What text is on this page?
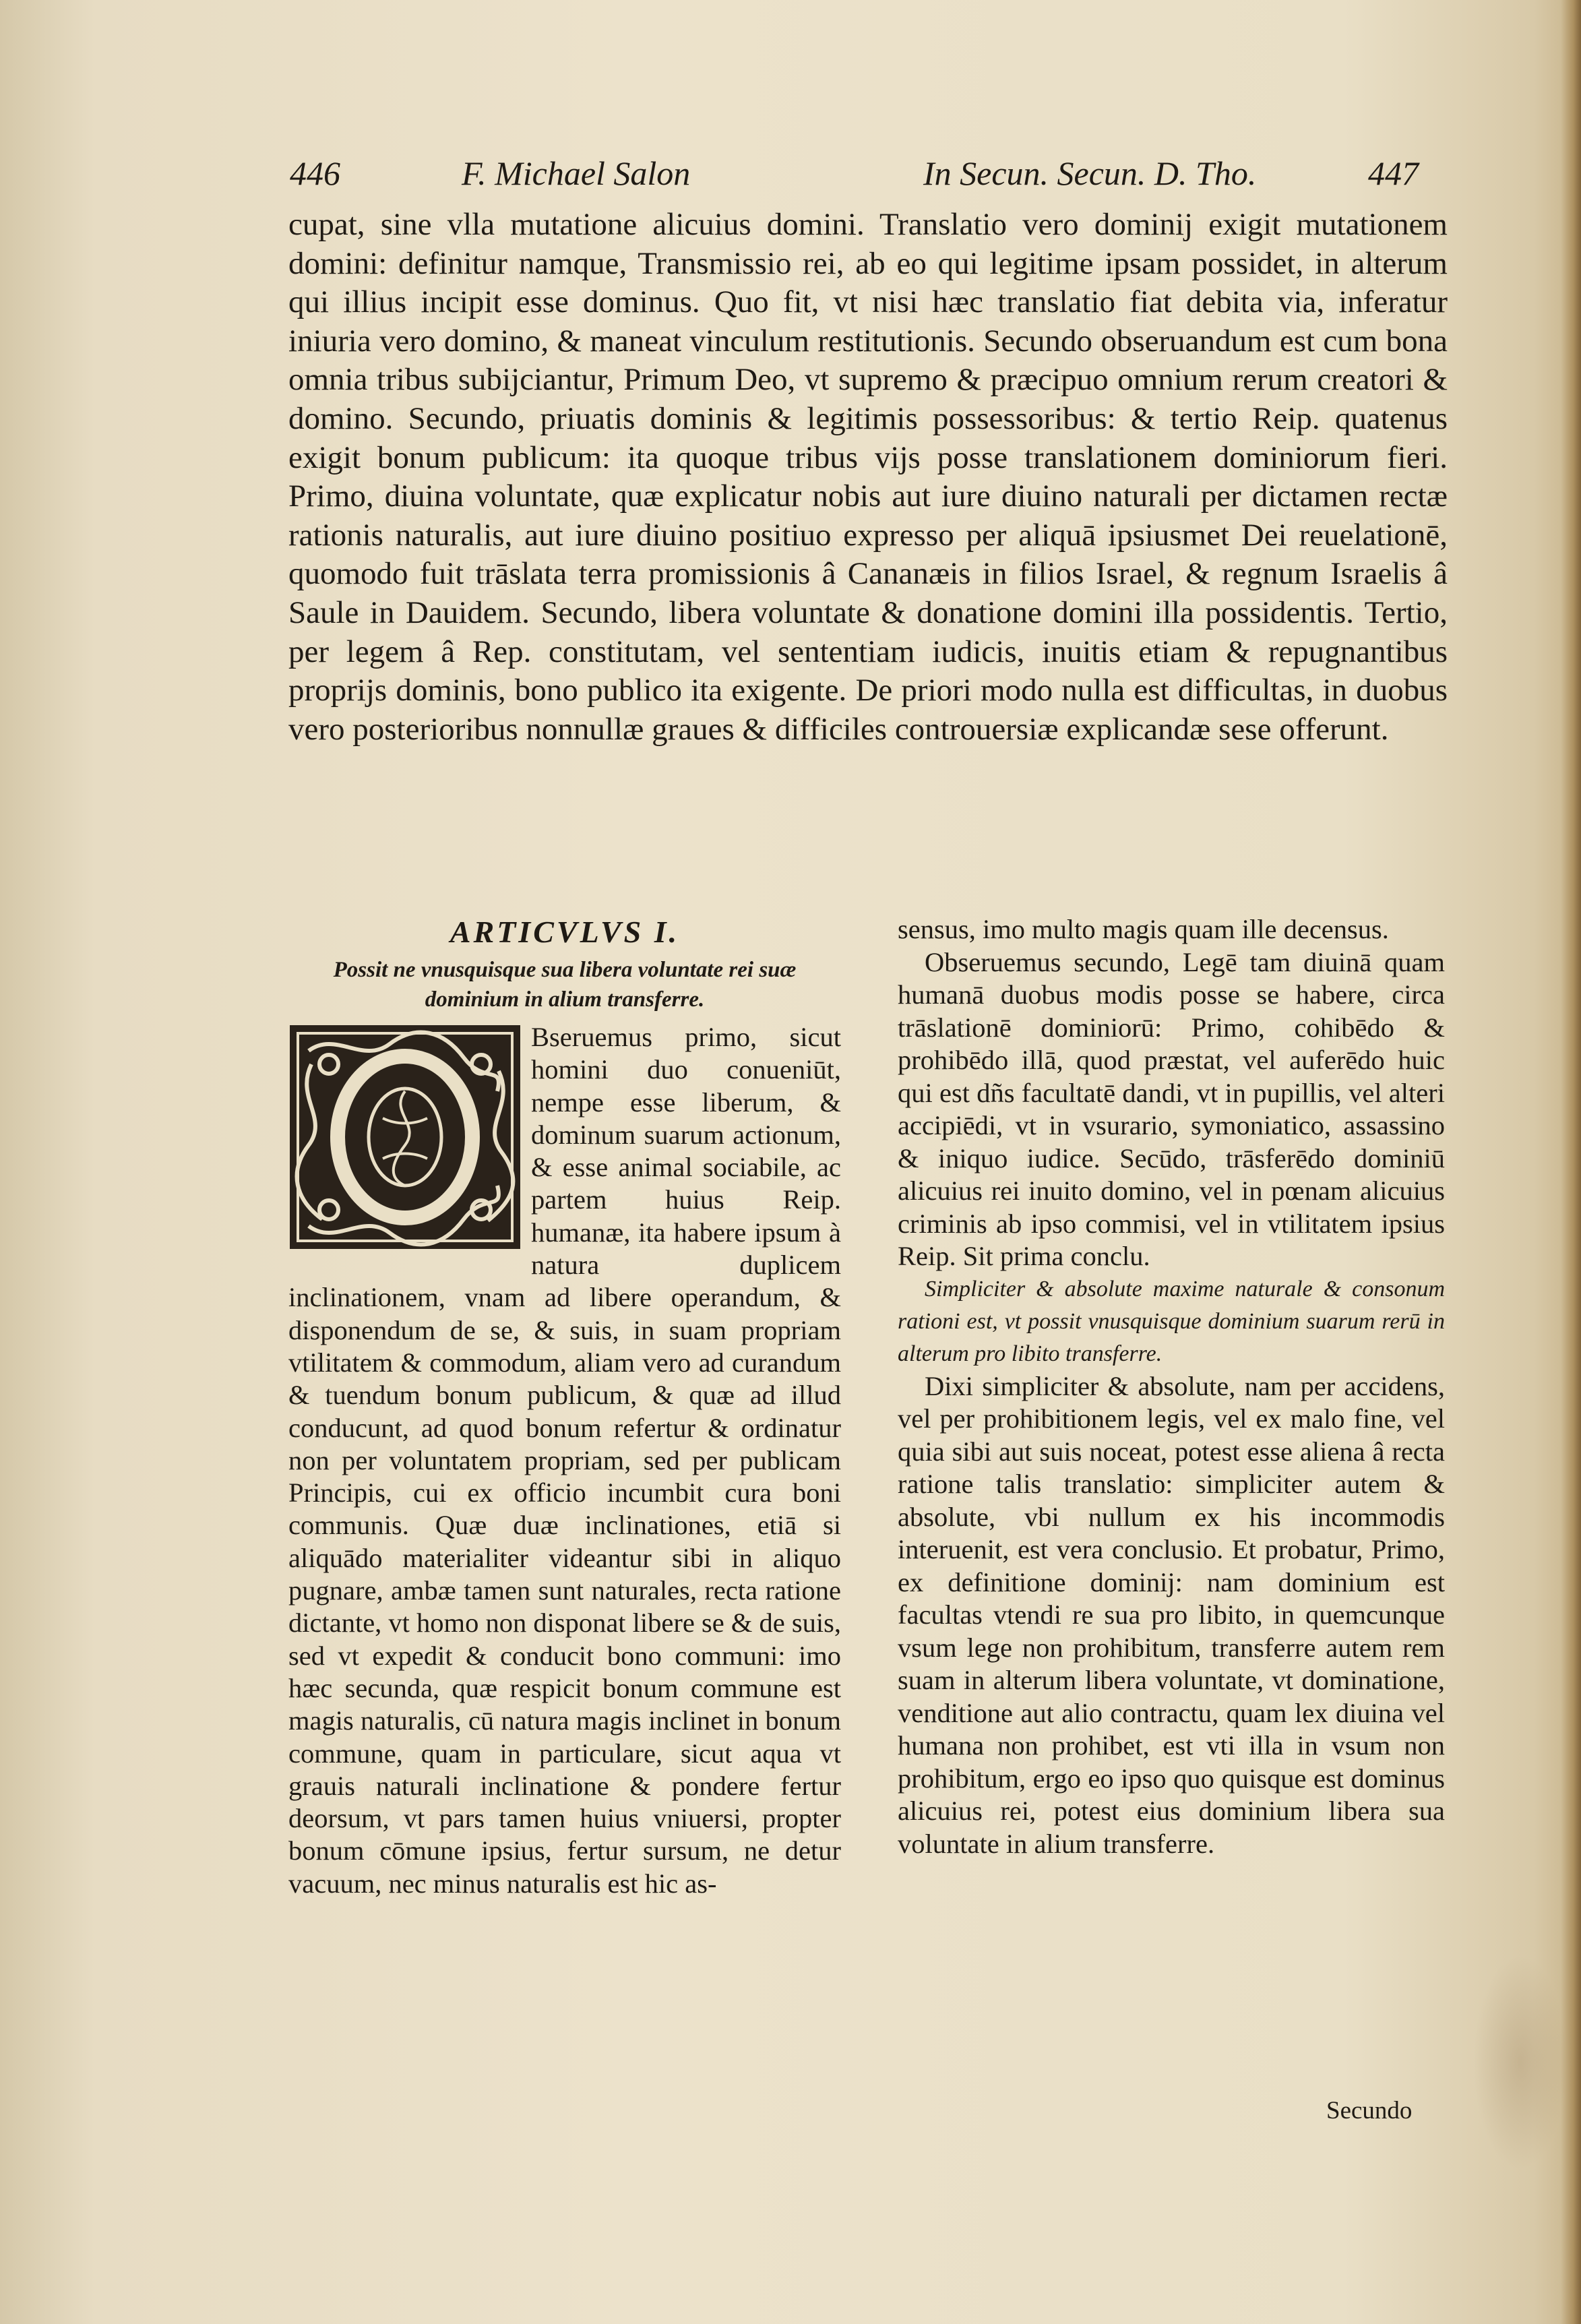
446	F. Michael Salon	In Secun. Secun. D. Tho.	447

cupat, sine vlla mutatione alicuius domini. Translatio vero dominij exigit mutationem domini: definitur namque, Transmissio rei, ab eo qui legitime ipsam possidet, in alterum qui illius incipit esse dominus. Quo fit, vt nisi hæc translatio fiat debita via, inferatur iniuria vero domino, & maneat vinculum restitutionis. Secundo obseruandum est cum bona omnia tribus subijciantur, Primum Deo, vt supremo & præcipuo omnium rerum creatori & domino. Secundo, priuatis dominis & legitimis possessoribus: & tertio Reip. quatenus exigit bonum publicum: ita quoque tribus vijs posse translationem dominiorum fieri. Primo, diuina voluntate, quæ explicatur nobis aut iure diuino naturali per dictamen rectæ rationis naturalis, aut iure diuino positiuo expresso per aliquā ipsiusmet Dei reuelationē, quomodo fuit trāslata terra promissionis â Cananæis in filios Israel, & regnum Israelis â Saule in Dauidem. Secundo, libera voluntate & donatione domini illa possidentis. Tertio, per legem â Rep. constitutam, vel sententiam iudicis, inuitis etiam & repugnantibus proprijs dominis, bono publico ita exigente. De priori modo nulla est difficultas, in duobus vero posterioribus nonnullæ graues & difficiles controuersiæ explicandæ sese offerunt.

ARTICVLVS I.
Possit ne vnusquisque sua libera voluntate rei suæ dominium in alium transferre.

Bseruemus primo, sicut homini duo conueniūt, nempe esse liberum, & dominum suarum actionum, & esse animal sociabile, ac partem huius Reip. humanæ, ita habere ipsum à natura duplicem inclinationem, vnam ad libere operandum, & disponendum de se, & suis, in suam propriam vtilitatem & commodum, aliam vero ad curandum & tuendum bonum publicum, & quæ ad illud conducunt, ad quod bonum refertur & ordinatur non per voluntatem propriam, sed per publicam Principis, cui ex officio incumbit cura boni communis. Quæ duæ inclinationes, etiā si aliquādo materialiter videantur sibi in aliquo pugnare, ambæ tamen sunt naturales, recta ratione dictante, vt homo non disponat libere se & de suis, sed vt expedit & conducit bono communi: imo hæc secunda, quæ respicit bonum commune est magis naturalis, cū natura magis inclinet in bonum commune, quam in particulare, sicut aqua vt grauis naturali inclinatione & pondere fertur deorsum, vt pars tamen huius vniuersi, propter bonum cōmune ipsius, fertur sursum, ne detur vacuum, nec minus naturalis est hic as-

sensus, imo multo magis quam ille decensus.

Obseruemus secundo, Legē tam diuinā quam humanā duobus modis posse se habere, circa trāslationē dominiorū: Primo, cohibēdo & prohibēdo illā, quod præstat, vel auferēdo huic qui est dñs facultatē dandi, vt in pupillis, vel alteri accipiēdi, vt in vsurario, symoniatico, assassino & iniquo iudice. Secūdo, trāsferēdo dominiū alicuius rei inuito domino, vel in pœnam alicuius criminis ab ipso commisi, vel in vtilitatem ipsius Reip. Sit prima conclu.

Simpliciter & absolute maxime naturale & consonum rationi est, vt possit vnusquisque dominium suarum rerū in alterum pro libito transferre.

Dixi simpliciter & absolute, nam per accidens, vel per prohibitionem legis, vel ex malo fine, vel quia sibi aut suis noceat, potest esse aliena â recta ratione talis translatio: simpliciter autem & absolute, vbi nullum ex his incommodis interuenit, est vera conclusio. Et probatur, Primo, ex definitione dominij: nam dominium est facultas vtendi re sua pro libito, in quemcunque vsum lege non prohibitum, transferre autem rem suam in alterum libera voluntate, vt dominatione, venditione aut alio contractu, quam lex diuina vel humana non prohibet, est vti illa in vsum non prohibitum, ergo eo ipso quo quisque est dominus alicuius rei, potest eius dominium libera sua voluntate in alium transferre.

Secundo
